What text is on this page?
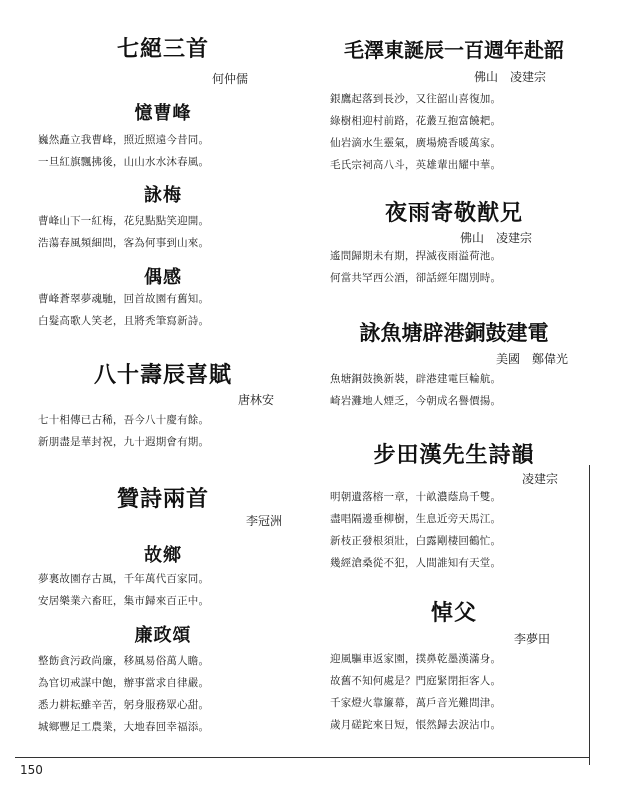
七絕三首
何仲儒
憶曹峰
巍然矗立我曹峰，照近照遠今昔同。
一旦紅旗飄拂後，山山水水沐春風。
詠梅
曹峰山下一紅梅，花兒點點笑迎開。
浩蕩春風頻細問，客為何事到山來。
偶感
曹峰蒼翠夢魂馳，回首故園有舊知。
白髮高歌人笑老，且將秃筆寫新詩。
八十壽辰喜賦
唐林安
七十相傳已古稀，吾今八十慶有餘。
新朋盡是華封祝，九十遐期會有期。
贊詩兩首
李冠洲
故鄉
夢裏故園存古風，千年萬代百家同。
安居樂業六畜旺，集市歸來百正中。
廉政頌
整飭貪污政尚廉，移風易俗萬人瞻。
為官切戒謀中飽，辦事當求自律嚴。
悉力耕耘雖辛苦，躬身服務眾心甜。
城鄉豐足工農業，大地春回幸福添。
毛澤東誕辰一百週年赴韶
佛山　凌建宗
銀鷹起落到長沙，又往韶山喜復加。
綠樹相迎村前路，花叢互抱富饒耙。
仙岩滴水生靈氣，廣場燒香暖萬家。
毛氏宗祠高八斗，英雄輩出耀中華。
夜雨寄敬猷兄
佛山　凌建宗
遙問歸期未有期，捍滅夜雨溢荷池。
何當共罕西公酒，卻話經年闊別時。
詠魚塘辟港銅鼓建電
美國　鄭偉光
魚塘銅鼓換新裝，辟港建電巨輪航。
崎岩灘地人煙乏，今朝成名譽價揚。
步田漢先生詩韻
凌建宗
明朝遺落榕一章，十畝濃蔭鳥千雙。
盡唱隔邊垂柳樹，生息近旁天馬江。
新枝正發根須壯，白露剛棲回鶴忙。
幾經滄桑從不犯，人間誰知有天堂。
悼父
李夢田
迎風驅車返家園，撲鼻乾墨漢滿身。
故舊不知何處是？門庭緊閉拒客人。
千家燈火靠簾幕，萬戶音光難問津。
歲月磋跎來日短，悵然歸去淚沾巾。
150
